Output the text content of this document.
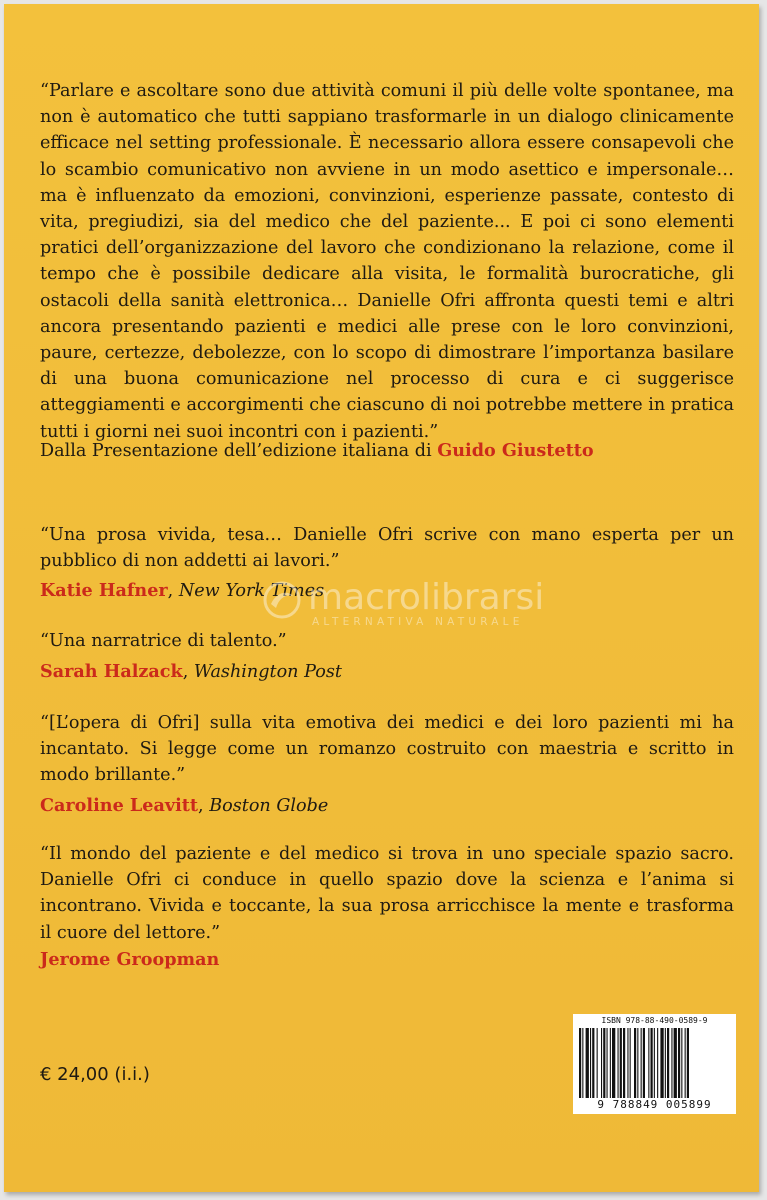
“Parlare e ascoltare sono due attività comuni il più delle volte spontanee, ma non è automatico che tutti sappiano trasformarle in un dialogo clinicamente efficace nel setting professionale. È necessario allora essere consapevoli che lo scambio comunicativo non avviene in un modo asettico e impersonale… ma è influenzato da emozioni, convinzioni, esperienze passate, contesto di vita, pregiudizi, sia del medico che del paziente... E poi ci sono elementi pratici dell’organizzazione del lavoro che condizionano la relazione, come il tempo che è possibile dedicare alla visita, le formalità burocratiche, gli ostacoli della sanità elettronica… Danielle Ofri affronta questi temi e altri ancora presentando pazienti e medici alle prese con le loro convinzioni, paure, certezze, debolezze, con lo scopo di dimostrare l’importanza basilare di una buona comunicazione nel processo di cura e ci suggerisce atteggiamenti e accorgimenti che ciascuno di noi potrebbe mettere in pratica tutti i giorni nei suoi incontri con i pazienti.”

Dalla Presentazione dell’edizione italiana di Guido Giustetto

“Una prosa vivida, tesa… Danielle Ofri scrive con mano esperta per un pubblico di non addetti ai lavori.”

Katie Hafner, New York Times

“Una narratrice di talento.”

Sarah Halzack, Washington Post

“[L’opera di Ofri] sulla vita emotiva dei medici e dei loro pazienti mi ha incantato. Si legge come un romanzo costruito con maestria e scritto in modo brillante.”

Caroline Leavitt, Boston Globe

“Il mondo del paziente e del medico si trova in uno speciale spazio sacro. Danielle Ofri ci conduce in quello spazio dove la scienza e l’anima si incontrano. Vivida e toccante, la sua prosa arricchisce la mente e trasforma il cuore del lettore.”

Jerome Groopman
macrolibrarsi
ALTERNATIVA NATURALE
€ 24,00 (i.i.)
ISBN 978-88-490-0589-9
9 788849 005899
